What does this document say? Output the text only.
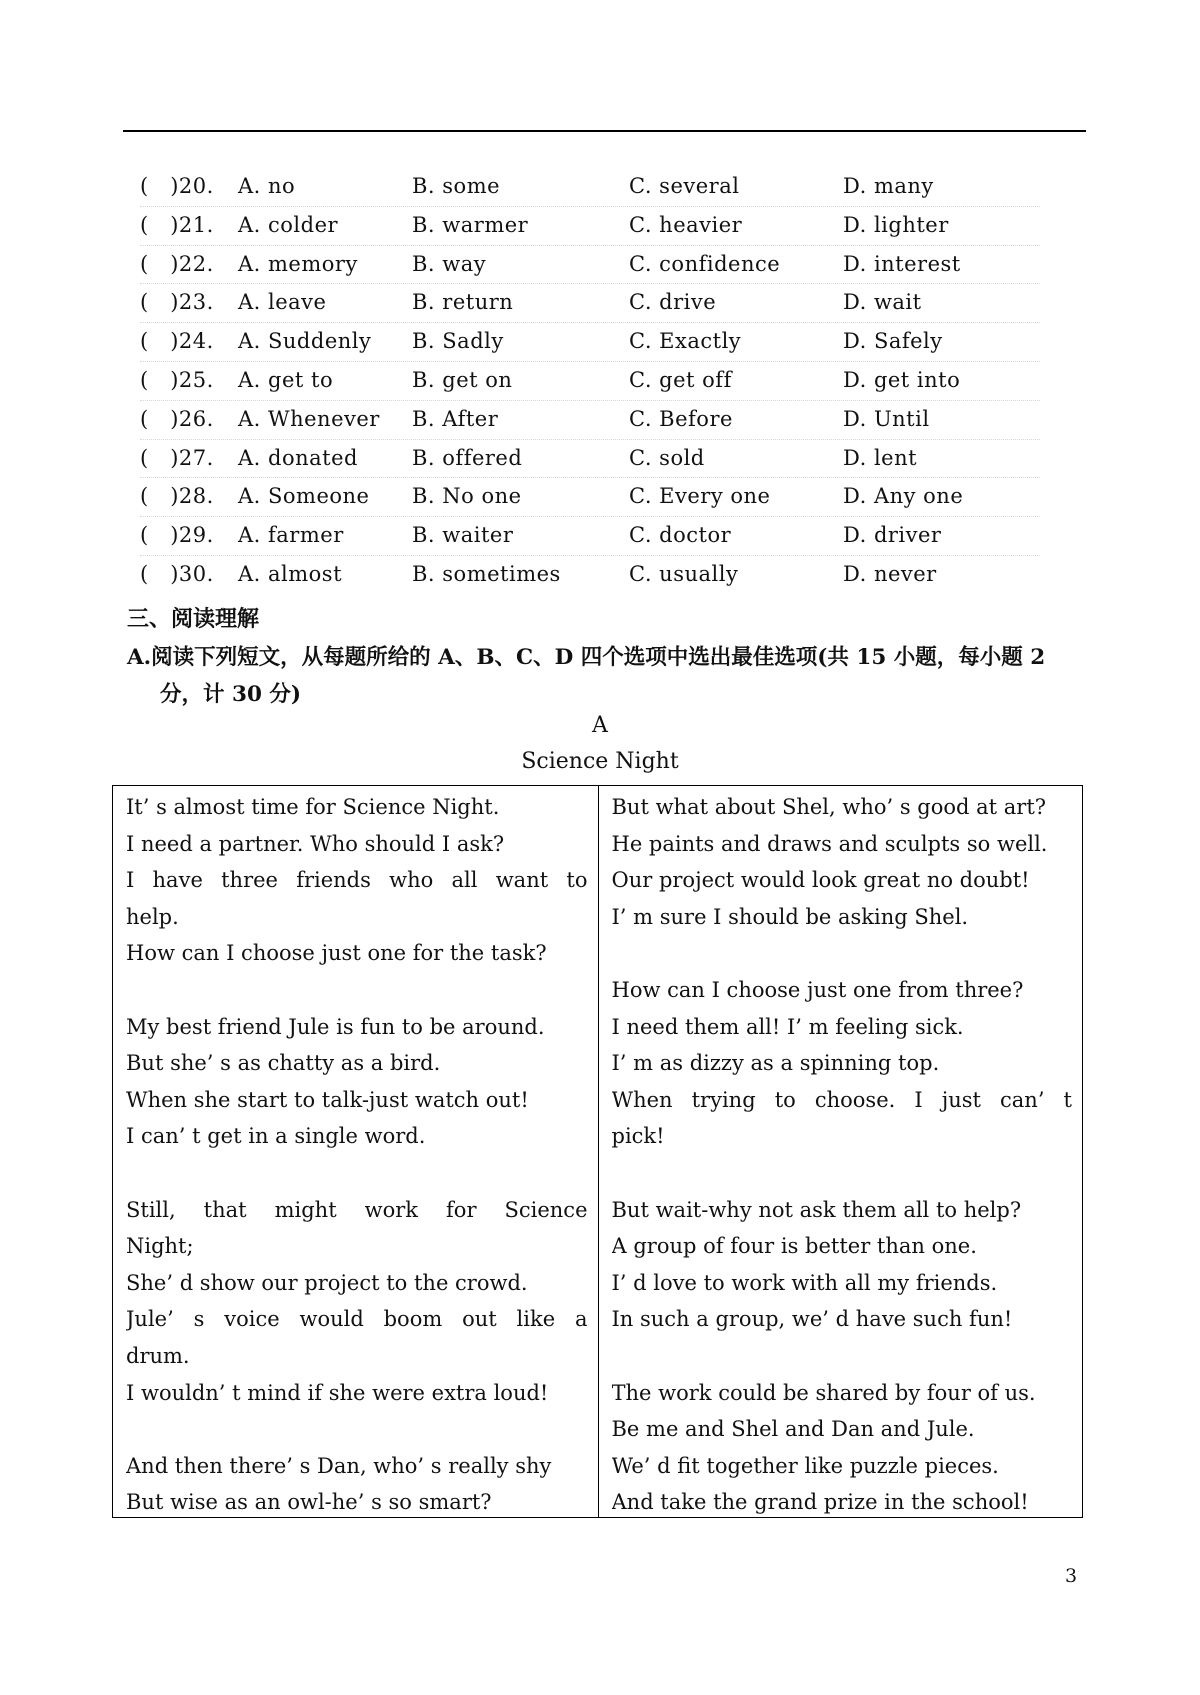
(　)20. A. no	B. some	C. several	D. many
(　)21. A. colder	B. warmer	C. heavier	D. lighter
(　)22. A. memory	B. way	C. confidence	D. interest
(　)23. A. leave	B. return	C. drive	D. wait
(　)24. A. Suddenly B. Sadly	C. Exactly	D. Safely
(　)25. A. get to	B. get on	C. get off	D. get into
(　)26. A. Whenever B. After	C. Before	D. Until
(　)27. A. donated	B. offered	C. sold	D. lent
(　)28. A. Someone B. No one	C. Every one	D. Any one
(　)29. A. farmer	B. waiter	C. doctor	D. driver
(　)30. A. almost	B. sometimes	C. usually	D. never
三、阅读理解
A.阅读下列短文，从每题所给的 A、B、C、D 四个选项中选出最佳选项(共 15 小题，每小题 2
分，计 30 分)
A
Science Night
It’ s almost time for Science Night.
I need a partner. Who should I ask?
I have three friends who all want to
help.
How can I choose just one for the task?
My best friend Jule is fun to be around.
But she’ s as chatty as a bird.
When she start to talk-just watch out!
I can’ t get in a single word.
Still,  that  might  work  for  Science
Night;
She’ d show our project to the crowd.
Jule’ s voice would boom out like a
drum.
I wouldn’ t mind if she were extra loud!
And then there’ s Dan, who’ s really shy
But wise as an owl-he’ s so smart?
But what about Shel, who’ s good at art?
He paints and draws and sculpts so well.
Our project would look great no doubt!
I’ m sure I should be asking Shel.
How can I choose just one from three?
I need them all! I’ m feeling sick.
I’ m as dizzy as a spinning top.
When trying to choose. I just can’ t
pick!
But wait-why not ask them all to help?
A group of four is better than one.
I’ d love to work with all my friends.
In such a group, we’ d have such fun!
The work could be shared by four of us.
Be me and Shel and Dan and Jule.
We’ d fit together like puzzle pieces.
And take the grand prize in the school!
3
